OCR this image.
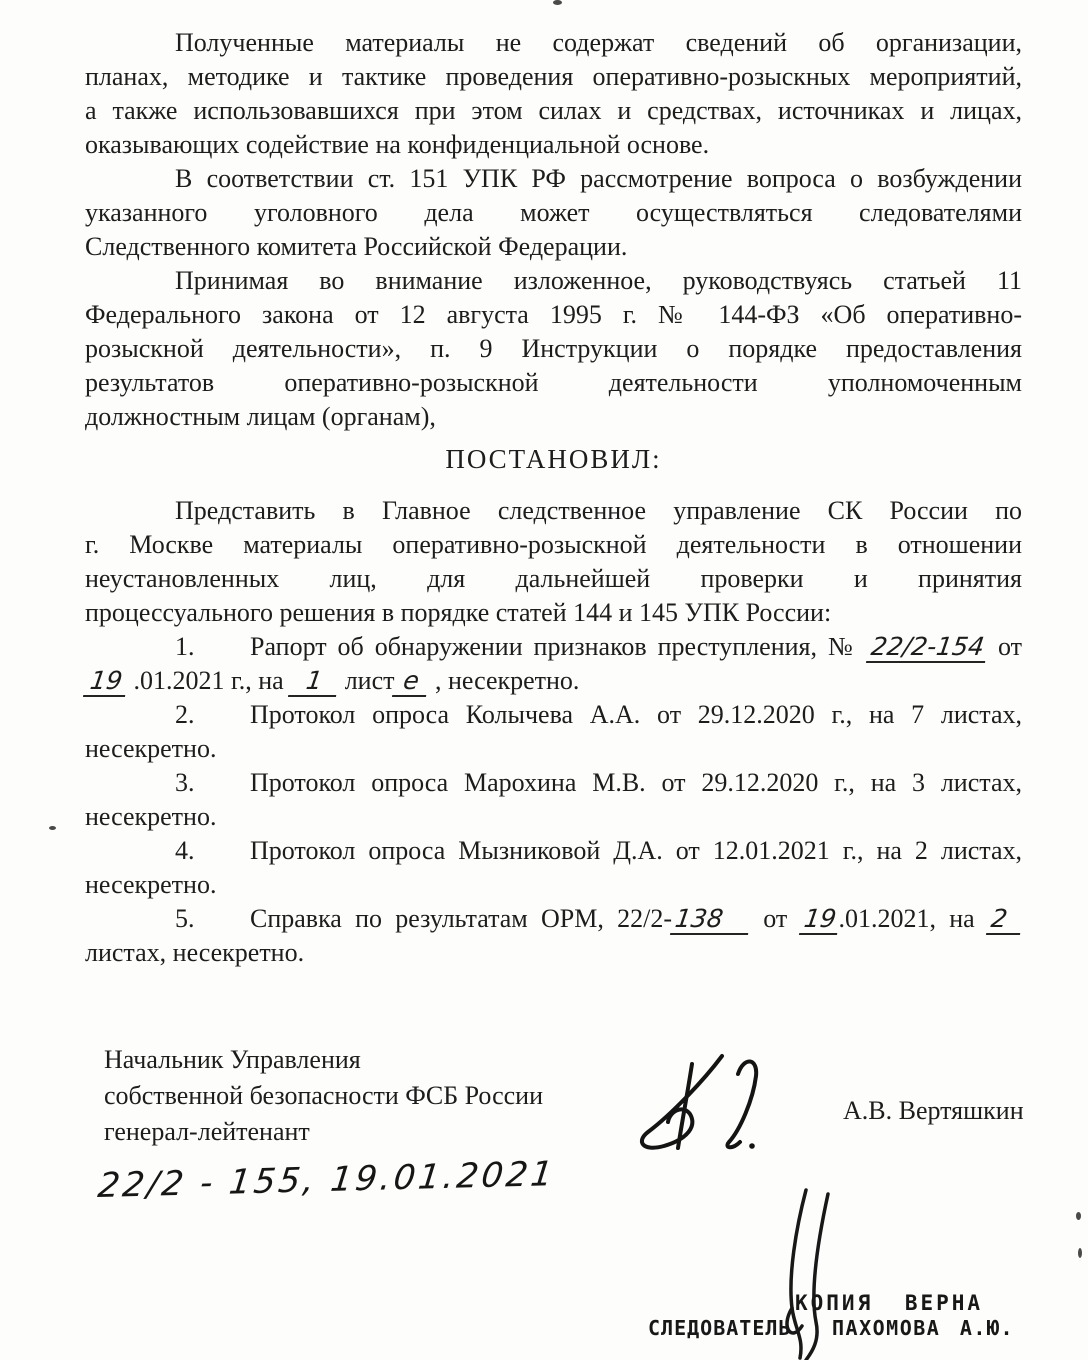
Полученные материалы не содержат сведений об организации,
планах, методике и тактике проведения оперативно-розыскных мероприятий,
а также использовавшихся при этом силах и средствах, источниках и лицах,
оказывающих содействие на конфиденциальной основе.
В соответствии ст. 151 УПК РФ рассмотрение вопроса о возбуждении
указанного уголовного дела может осуществляться следователями
Следственного комитета Российской Федерации.
Принимая во внимание изложенное, руководствуясь статьей 11
Федерального закона от 12 августа 1995 г. № 144-ФЗ «Об оперативно-
розыскной деятельности», п. 9 Инструкции о порядке предоставления
результатов оперативно-розыскной деятельности уполномоченным
должностным лицам (органам),
ПОСТАНОВИЛ:
Представить в Главное следственное управление СК России по
г. Москве материалы оперативно-розыскной деятельности в отношении
неустановленных лиц, для дальнейшей проверки и принятия
процессуального решения в порядке статей 144 и 145 УПК России:
1. Рапорт об обнаружении признаков преступления, № 22/2-154 от
19 .01.2021 г., на 1 лист е , несекретно.
2. Протокол опроса Колычева А.А. от 29.12.2020 г., на 7 листах,
несекретно.
3. Протокол опроса Марохина М.В. от 29.12.2020 г., на 3 листах,
несекретно.
4. Протокол опроса Мызниковой Д.А. от 12.01.2021 г., на 2 листах,
несекретно.
5. Справка по результатам ОРМ, 22/2-138 от 19.01.2021, на 2
листах, несекретно.
Начальник Управления
собственной безопасности ФСБ России
генерал-лейтенант
А.В. Вертяшкин
22/2 - 155, 19.01.2021
КОПИЯ ВЕРНА
СЛЕДОВАТЕЛЬ ПАХОМОВА А.Ю.
